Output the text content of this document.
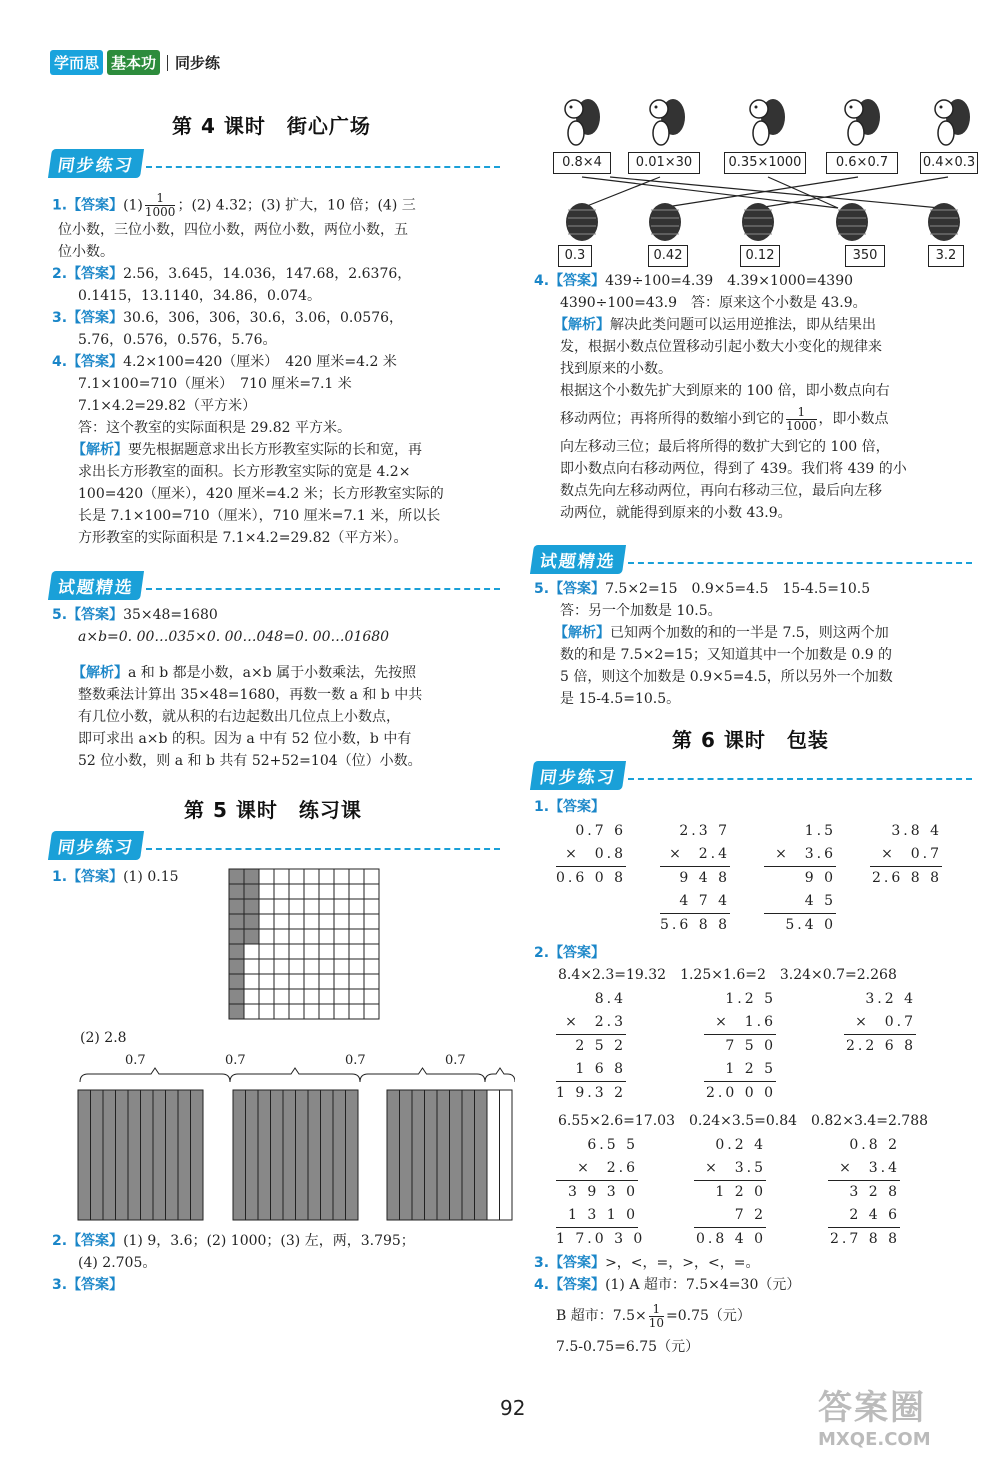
学而思 基本功 同步练
第 4 课时　街心广场
同步练习
1.【答案】$(1) \frac{1}{1000}$ ；(2) 4.32；(3) 扩大，10 倍；(4) 三
位小数，三位小数，四位小数，两位小数，两位小数，五
位小数。
2.【答案】2.56，3.645，14.036，147.68，2.6376，
0.1415，13.1140，34.86，0.074。
3.【答案】30.6，306，306，30.6，3.06，0.0576，
5.76，0.576，0.576，5.76。
4.【答案】4.2×100=420（厘米）　420 厘米=4.2 米
7.1×100=710（厘米）　710 厘米=7.1 米
7.1×4.2=29.82（平方米）
答：这个教室的实际面积是 29.82 平方米。
【解析】要先根据题意求出长方形教室实际的长和宽，再
求出长方形教室的面积。长方形教室实际的宽是 4.2×
100=420（厘米），420 厘米=4.2 米；长方形教室实际的
长是 7.1×100=710（厘米），710 厘米=7.1 米，所以长
方形教室的实际面积是 7.1×4.2=29.82（平方米）。
试题精选
5.【答案】35×48=1680
a×b=0. 00…035×0. 00…048=0. 00…01680
【解析】a 和 b 都是小数，a×b 属于小数乘法，先按照
整数乘法计算出 35×48=1680，再数一数 a 和 b 中共
有几位小数，就从积的右边起数出几位点上小数点，
即可求出 a×b 的积。因为 a 中有 52 位小数，b 中有
52 位小数，则 a 和 b 共有 52+52=104（位）小数。
第 5 课时　练习课
同步练习
1.【答案】(1) 0.15
(2) 2.8
0.7	0.7	0.7	0.7
2.【答案】(1) 9，3.6；(2) 1000；(3) 左，两，3.795；
(4) 2.705。
3.【答案】
0.8×4	0.01×30	0.35×1000	0.6×0.7	0.4×0.3
0.3	0.42	0.12	350	3.2
4.【答案】439÷100=4.39　4.39×1000=4390
4390÷100=43.9　答：原来这个小数是 43.9。
【解析】解决此类问题可以运用逆推法，即从结果出
发，根据小数点位置移动引起小数大小变化的规律来
找到原来的小数。
根据这个小数先扩大到原来的 100 倍，即小数点向右
移动两位；再将所得的数缩小到它的 $\frac{1}{1000}$ ，即小数点
向左移动三位；最后将所得的数扩大到它的 100 倍，
即小数点向右移动两位，得到了 439。我们将 439 的小
数点先向左移动两位，再向右移动三位，最后向左移
动两位，就能得到原来的小数 43.9。
试题精选
5.【答案】7.5×2=15　0.9×5=4.5　15-4.5=10.5
答：另一个加数是 10.5。
【解析】已知两个加数的和的一半是 7.5，则这两个加
数的和是 7.5×2=15；又知道其中一个加数是 0.9 的
5 倍，则这个加数是 0.9×5=4.5，所以另外一个加数
是 15-4.5=10.5。
第 6 课时　包装
同步练习
1.【答案】
0.7 6
×  0.8
0.6 0 8
2.3 7
×  2.4
9 4 8
4 7 4
5.6 8 8
1.5
×  3.6
9 0
4 5
5.4 0
3.8 4
×  0.7
2.6 8 8
8.4
×  2.3
2 5 2
1 6 8
1 9.3 2
1.2 5
×  1.6
7 5 0
1 2 5
2.0 0 0
3.2 4
×  0.7
2.2 6 8
6.5 5
×  2.6
3 9 3 0
1 3 1 0
1 7.0 3 0
0.2 4
×  3.5
1 2 0
7 2
0.8 4 0
0.8 2
×  3.4
3 2 8
2 4 6
2.7 8 8
2.【答案】
8.4×2.3=19.32　1.25×1.6=2　3.24×0.7=2.268
6.55×2.6=17.03　0.24×3.5=0.84　0.82×3.4=2.788
3.【答案】>，<，=，>，<，=。
4.【答案】(1) A 超市：7.5×4=30（元）
B 超市：$7.5\times \frac{1}{10} =0.75$（元）
7.5-0.75=6.75（元）
92	答案圈
MXQE.COM
